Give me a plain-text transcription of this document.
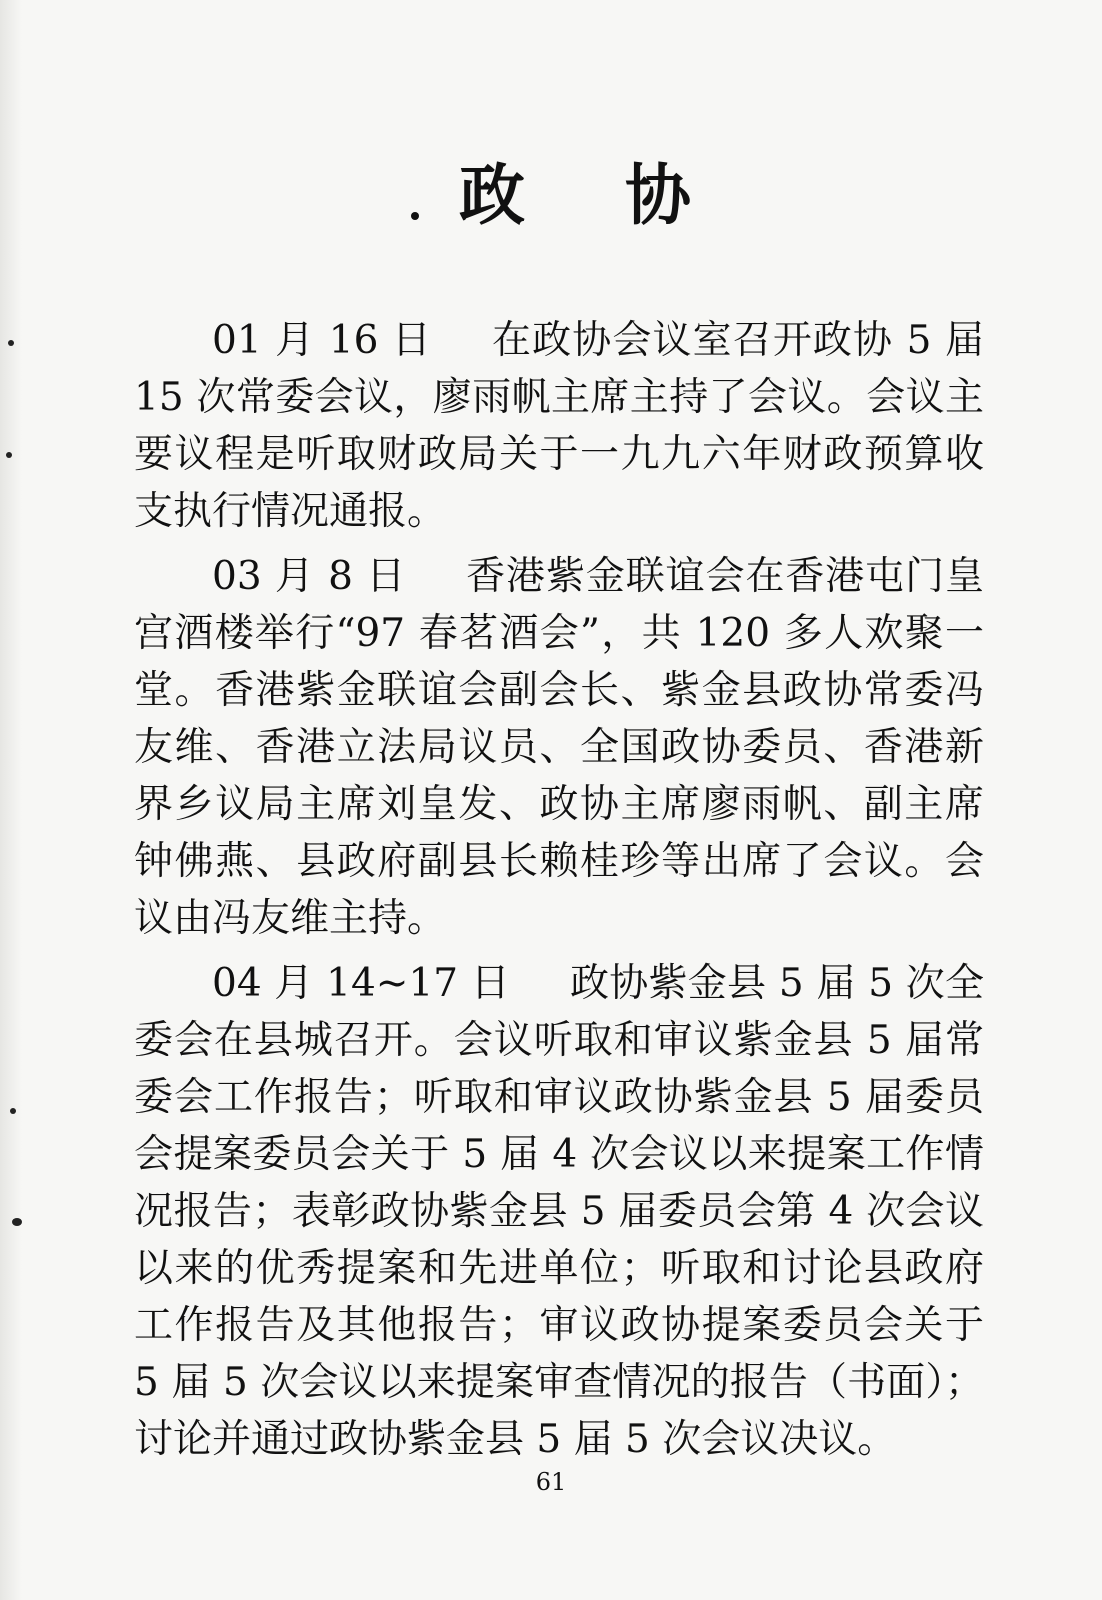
政 协

01 月 16 日 在政协会议室召开政协 5 届 15 次常委会议，廖雨帆主席主持了会议。会议主要议程是听取财政局关于一九九六年财政预算收支执行情况通报。

03 月 8 日 香港紫金联谊会在香港屯门皇宫酒楼举行“97 春茗酒会”，共 120 多人欢聚一堂。香港紫金联谊会副会长、紫金县政协常委冯友维、香港立法局议员、全国政协委员、香港新界乡议局主席刘皇发、政协主席廖雨帆、副主席钟佛燕、县政府副县长赖桂珍等出席了会议。会议由冯友维主持。

04 月 14~17 日 政协紫金县 5 届 5 次全委会在县城召开。会议听取和审议紫金县 5 届常委会工作报告；听取和审议政协紫金县 5 届委员会提案委员会关于 5 届 4 次会议以来提案工作情况报告；表彰政协紫金县 5 届委员会第 4 次会议以来的优秀提案和先进单位；听取和讨论县政府工作报告及其他报告；审议政协提案委员会关于 5 届 5 次会议以来提案审查情况的报告（书面）；讨论并通过政协紫金县 5 届 5 次会议决议。

61
